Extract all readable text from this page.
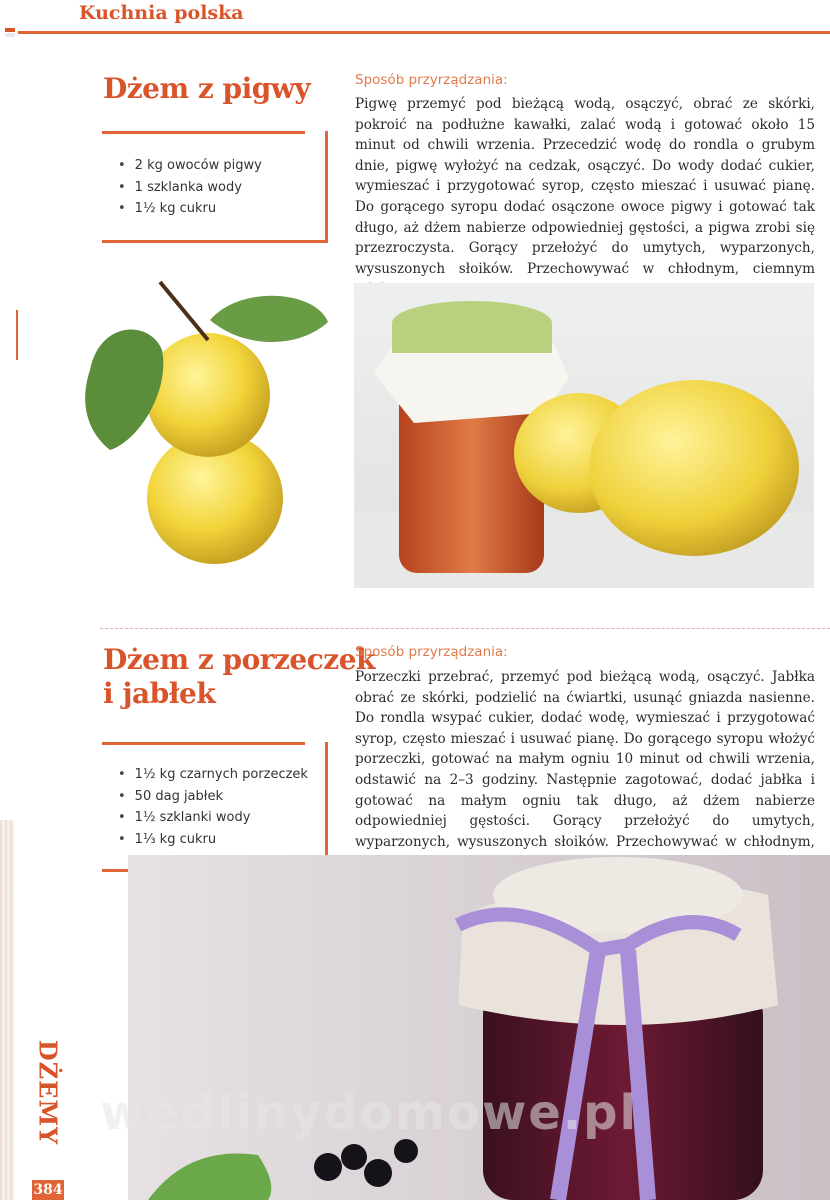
Kuchnia polska
Dżem z pigwy
• 2 kg owoców pigwy
• 1 szklanka wody
• 1½ kg cukru
Sposób przyrządzania:
Pigwę przemyć pod bieżącą wodą, osączyć, obrać ze skórki, pokroić na podłużne kawałki, zalać wodą i gotować około 15 minut od chwili wrzenia. Przecedzić wodę do rondla o grubym dnie, pigwę wyłożyć na cedzak, osączyć. Do wody dodać cukier, wymieszać i przygotować syrop, często mieszać i usuwać pianę. Do gorącego syropu dodać osączone owoce pigwy i gotować tak długo, aż dżem nabierze odpowiedniej gęstości, a pigwa zrobi się przezroczysta. Gorący przełożyć do umytych, wyparzonych, wysuszonych słoików. Przechowywać w chłodnym, ciemnym
Dżem z porzeczek
i jabłek
• 1½ kg czarnych porzeczek
• 50 dag jabłek
• 1½ szklanki wody
• 1⅓ kg cukru
Sposób przyrządzania:
Porzeczki przebrać, przemyć pod bieżącą wodą, osączyć. Jabłka obrać ze skórki, podzielić na ćwiartki, usunąć gniazda nasienne. Do rondla wsypać cukier, dodać wodę, wymieszać i przygotować syrop, często mieszać i usuwać pianę. Do gorącego syropu włożyć porzeczki, gotować na małym ogniu 10 minut od chwili wrzenia, odstawić na 2–3 godziny. Następnie zagotować, dodać jabłka i gotować na małym ogniu tak długo, aż dżem nabierze odpowiedniej gęstości. Gorący przełożyć do umytych, wyparzonych, wysuszonych słoików. Przechowywać w chłodnym,
wedlinydomowe.pl
DŻEMY
384
